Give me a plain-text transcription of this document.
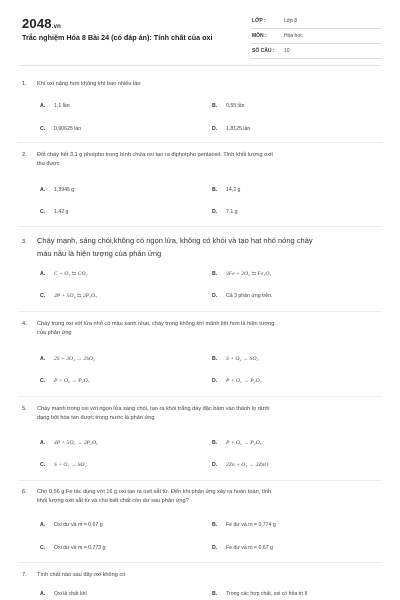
2048.vn
Trắc nghiệm Hóa 8 Bài 24 (có đáp án): Tính chất của oxi
LỚP :	Lớp 8
MÔN :	Hóa học
SỐ CÂU : 10
1. Khí oxi nặng hơn không khí bao nhiêu lần
A. 1,1 lần	B. 0,55 lần
C. 0,90625 lần	D. 1,8125 lần
2. Đốt cháy hết 3,1 g photpho trong bình chứa oxi tạo ra điphotpho pentaoxit. Tính khối lượng oxit
thu được
A. 1,3945 g	B. 14,2 g
C. 1,42 g	D. 7,1 g
3. Cháy mạnh, sáng chói,không có ngọn lửa, không có khói và tạo hạt nhỏ nóng chảy
màu nâu là hiện tượng của phản ứng
A. C + O₂ ⇆ CO₂	B. 3Fe + 2O₂ ⇆ Fe₃O₄
C. 2P + 5O₂ ⇆ 2P₂O₅	D. Cả 3 phản ứng trên.
4. Cháy trong oxi với lửa nhỏ có màu xanh nhạt, cháy trong không khí mãnh liệt hơn là hiện tượng
của phản ứng
A. 2S + 3O₂ → 2SO₃	B. S + O₂ → SO₂
C. P + O₂ → P₂O₅	D. P + O₂ → P₂O₃
5. Cháy mạnh trong oxi với ngọn lửa sáng chói, tạo ra khói trắng dày đặc bám vào thành lọ dưới
dạng bột hòa tan được trong nước là phản ứng
A. 4P + 5O₂ → 2P₂O₅	B. P + O₂ → P₂O₅
C. S + O₂ → SO₂	D. 2Zn + O₂ → 2ZnO
6. Cho 0,56 g Fe tác dụng với 16 g oxi tạo ra oxit sắt từ. Đến khi phản ứng xảy ra hoàn toàn, tính
khối lượng oxit sắt từ và cho biết chất còn dư sau phản ứng?
A. Oxi dư và m = 0,67 g	B. Fe dư và m = 0,774 g
C. Oxi dư và m = 0,773 g	D. Fe dư và m = 0,67 g
7. Tính chất nào sau đây oxi không có
A. Oxi là chất khí	B. Trong các hợp chất, oxi có hóa trị II
